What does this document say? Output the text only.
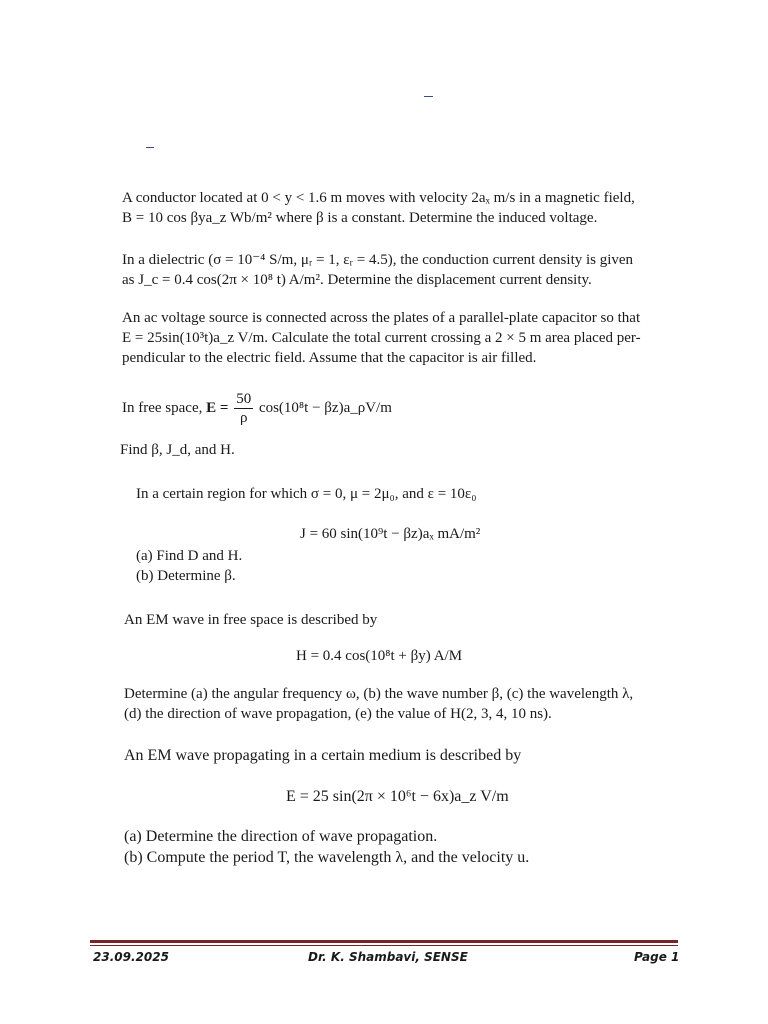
A conductor located at 0 < y < 1.6 m moves with velocity 2aₓ m/s in a magnetic field,
B = 10 cos βya_z Wb/m² where β is a constant. Determine the induced voltage.
In a dielectric (σ = 10⁻⁴ S/m, μᵣ = 1, εᵣ = 4.5), the conduction current density is given
as J_c = 0.4 cos(2π × 10⁸ t) A/m². Determine the displacement current density.
An ac voltage source is connected across the plates of a parallel-plate capacitor so that
E = 25sin(10³t)a_z V/m. Calculate the total current crossing a 2 × 5 m area placed per-
pendicular to the electric field. Assume that the capacitor is air filled.
In free space, $E = \frac{50}{\rho} \cos(10^8t$ − βz)a_ρV/m
Find β, J_d, and H.
In a certain region for which σ = 0, μ = 2μ₀, and ε = 10ε₀
J = 60 sin(10⁹t − βz)aₓ mA/m²
(a) Find D and H.
(b) Determine β.
An EM wave in free space is described by
H = 0.4 cos(10⁸t + βy) A/M
Determine (a) the angular frequency ω, (b) the wave number β, (c) the wavelength λ,
(d) the direction of wave propagation, (e) the value of H(2, 3, 4, 10 ns).
An EM wave propagating in a certain medium is described by
E = 25 sin(2π × 10⁶t − 6x)a_z V/m
(a) Determine the direction of wave propagation.
(b) Compute the period T, the wavelength λ, and the velocity u.
23.09.2025	Dr. K. Shambavi, SENSE	Page 1
